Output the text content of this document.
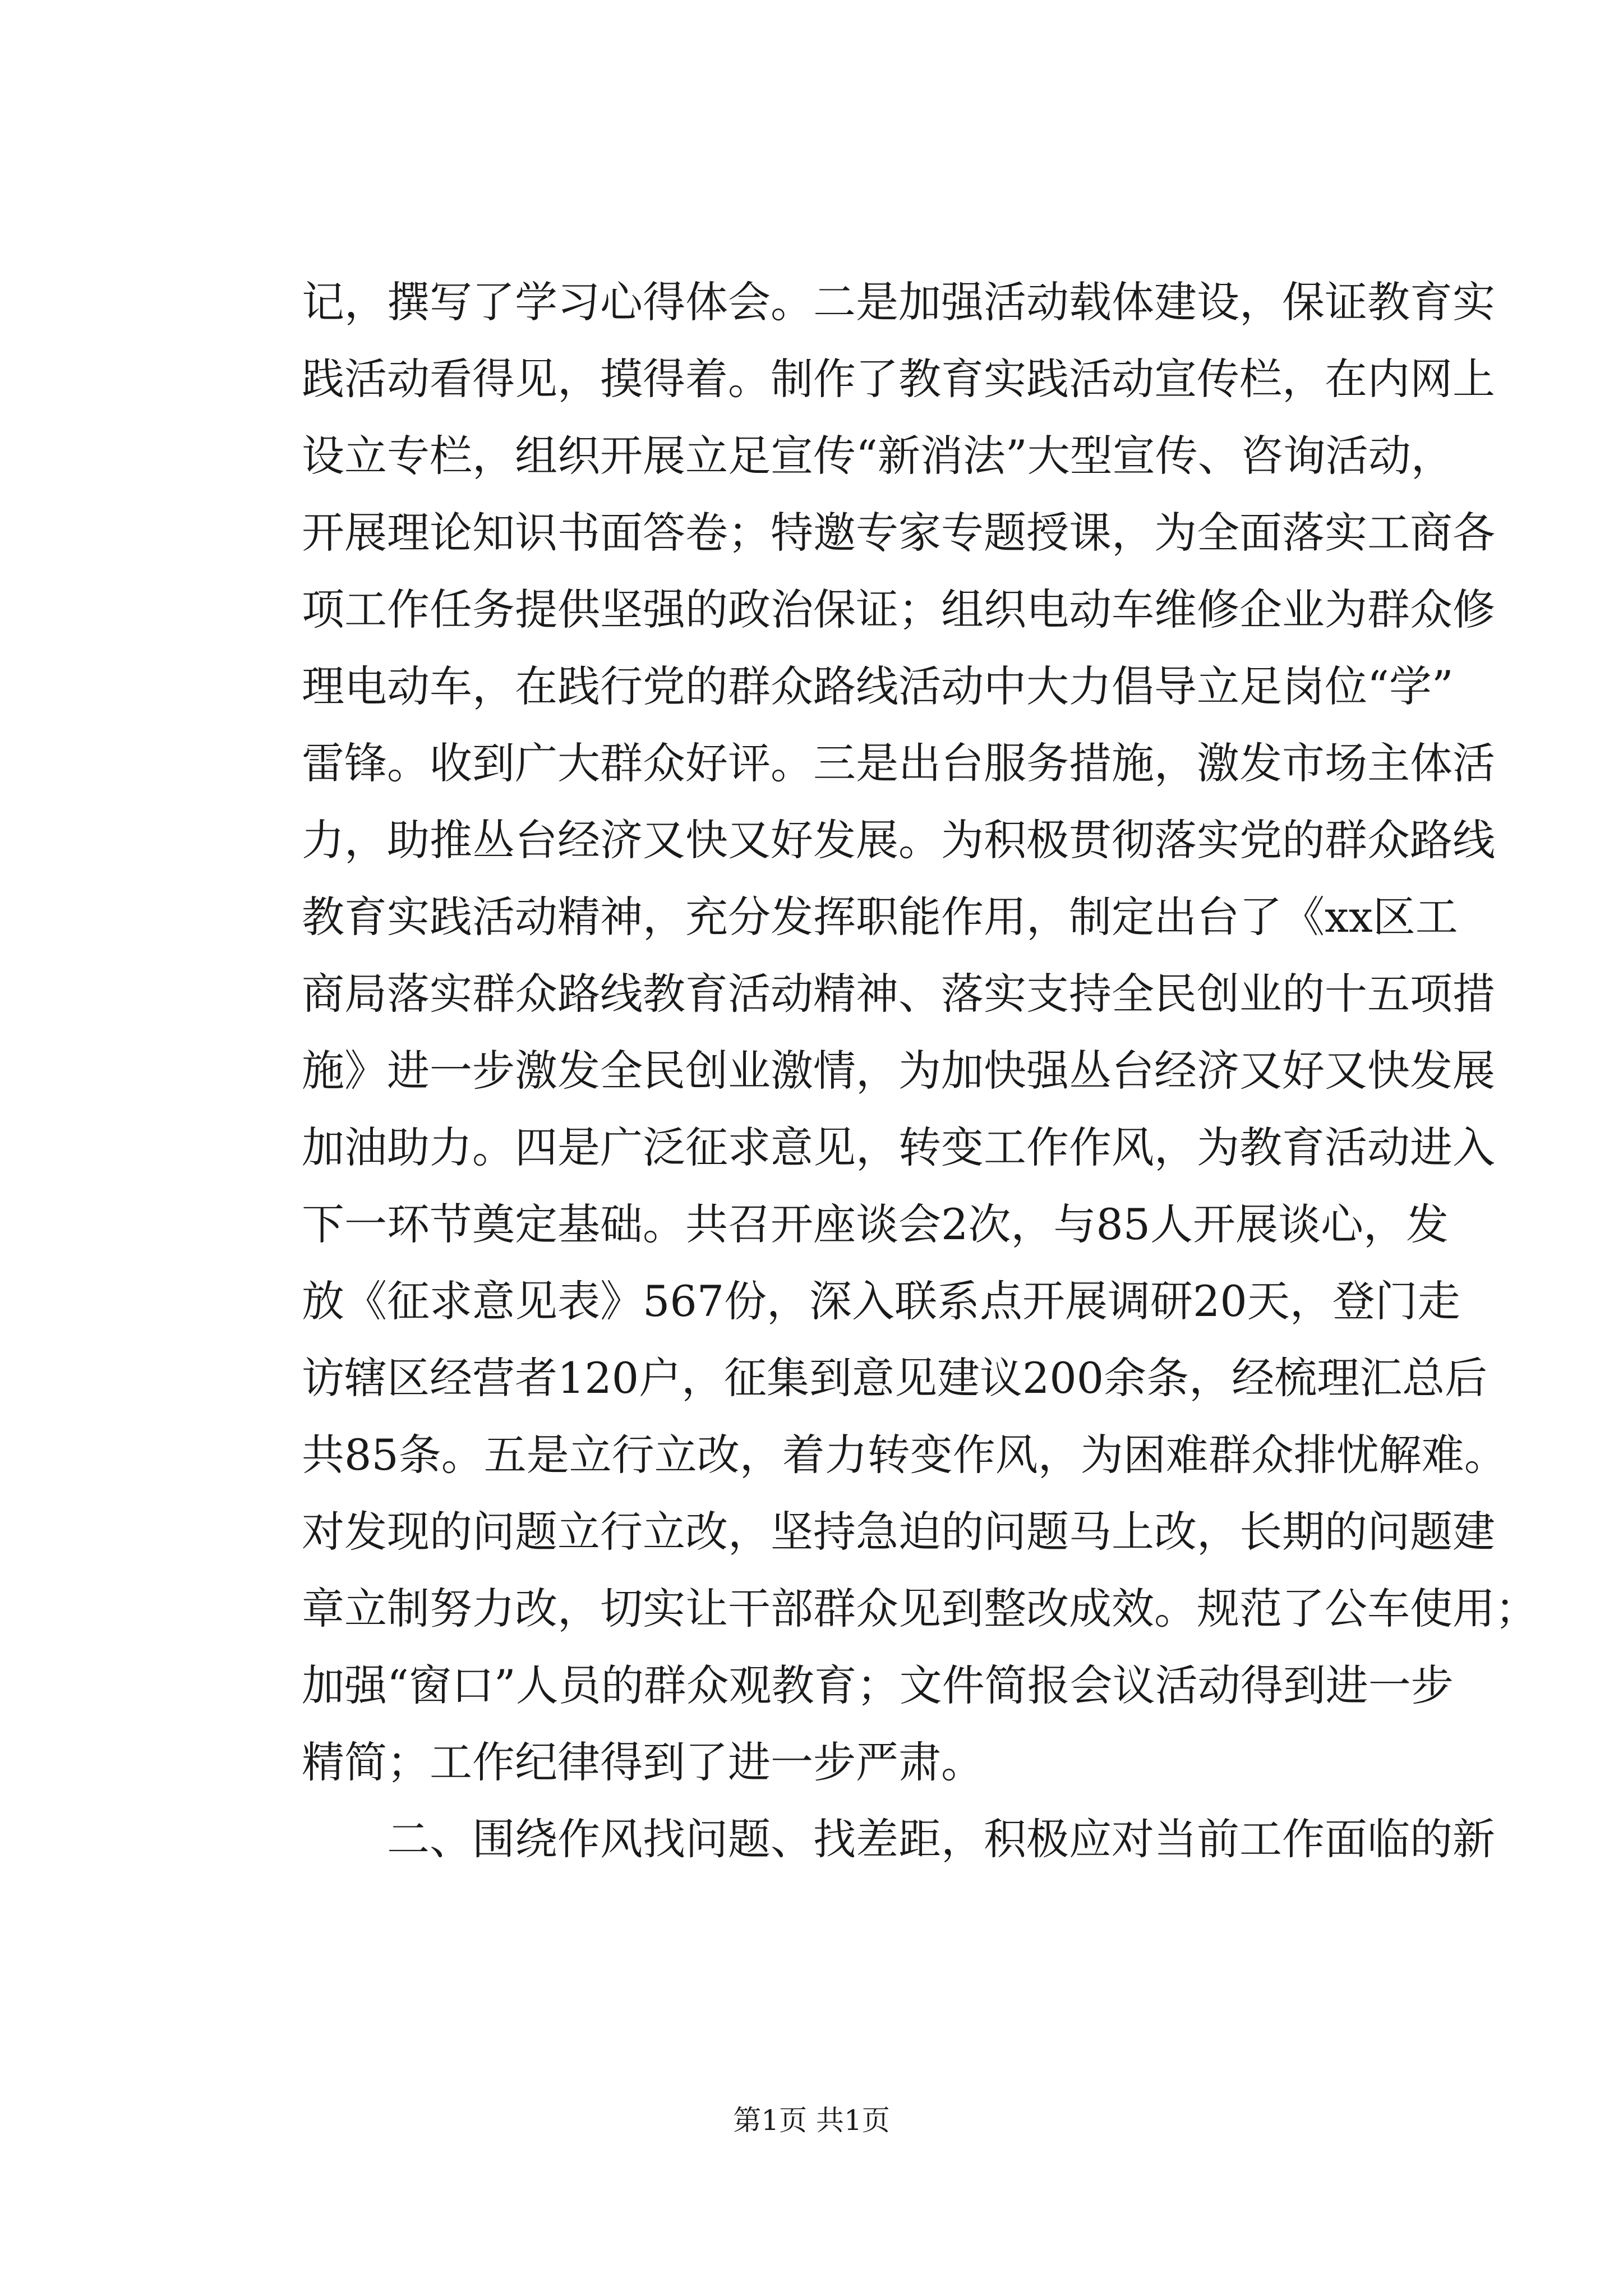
记，撰写了学习心得体会。二是加强活动载体建设，保证教育实
践活动看得见，摸得着。制作了教育实践活动宣传栏，在内网上
设立专栏，组织开展立足宣传“新消法”大型宣传、咨询活动，
开展理论知识书面答卷；特邀专家专题授课，为全面落实工商各
项工作任务提供坚强的政治保证；组织电动车维修企业为群众修
理电动车，在践行党的群众路线活动中大力倡导立足岗位“学”
雷锋。收到广大群众好评。三是出台服务措施，激发市场主体活
力，助推丛台经济又快又好发展。为积极贯彻落实党的群众路线
教育实践活动精神，充分发挥职能作用，制定出台了《xx区工
商局落实群众路线教育活动精神、落实支持全民创业的十五项措
施》进一步激发全民创业激情，为加快强丛台经济又好又快发展
加油助力。四是广泛征求意见，转变工作作风，为教育活动进入
下一环节奠定基础。共召开座谈会2次，与85人开展谈心，发
放《征求意见表》567份，深入联系点开展调研20天，登门走
访辖区经营者120户，征集到意见建议200余条，经梳理汇总后
共85条。五是立行立改，着力转变作风，为困难群众排忧解难。
对发现的问题立行立改，坚持急迫的问题马上改，长期的问题建
章立制努力改，切实让干部群众见到整改成效。规范了公车使用；
加强“窗口”人员的群众观教育；文件简报会议活动得到进一步
精简；工作纪律得到了进一步严肃。
二、围绕作风找问题、找差距，积极应对当前工作面临的新
第1页 共1页
